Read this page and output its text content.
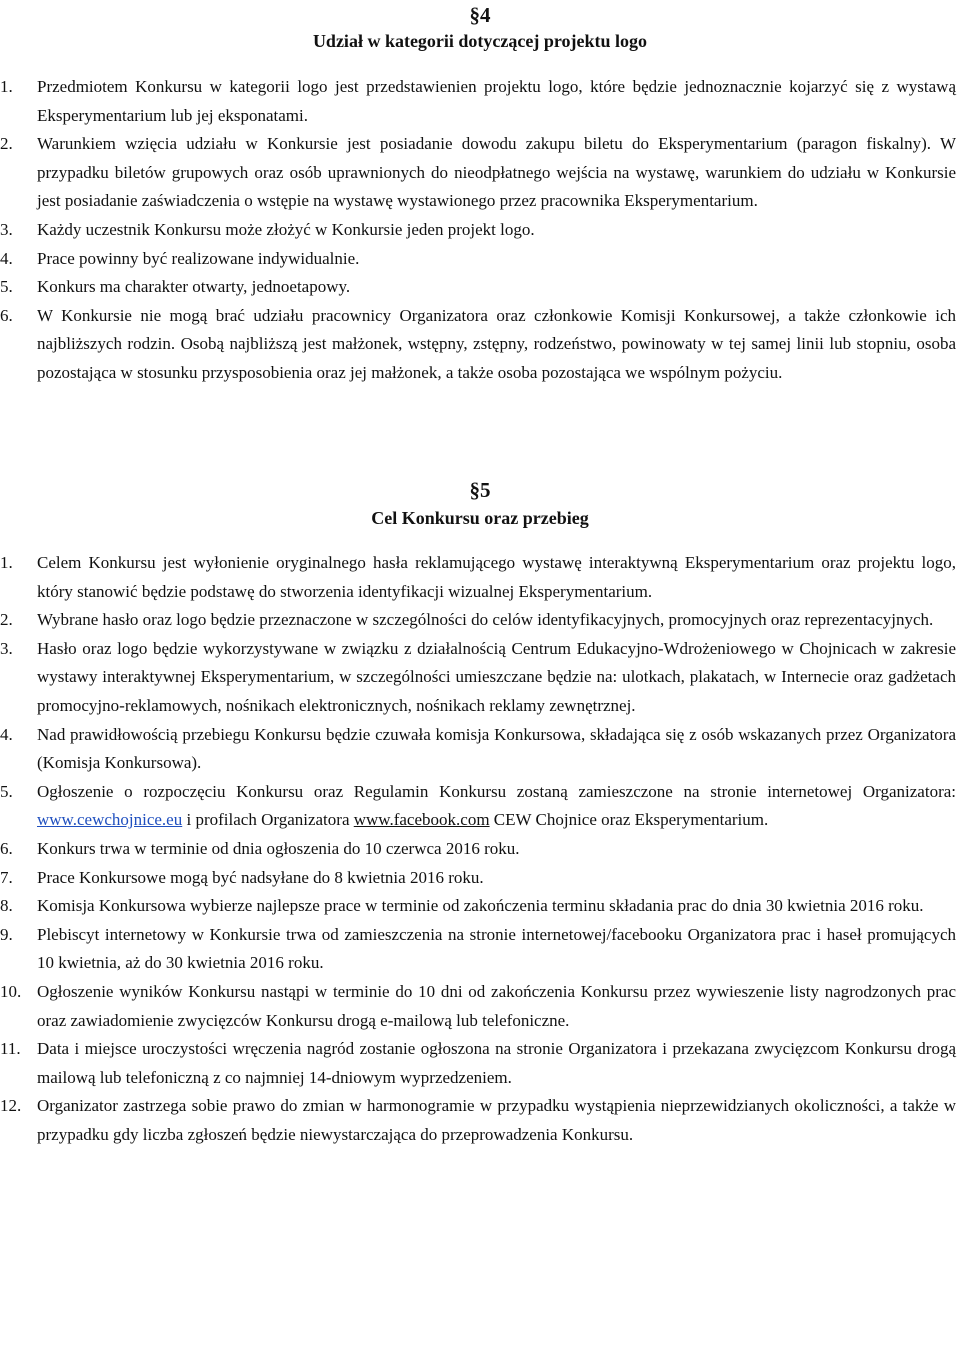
§4
Udział w kategorii dotyczącej projektu logo
1. Przedmiotem Konkursu w kategorii logo jest przedstawienien projektu logo, które będzie jednoznacznie kojarzyć się z wystawą Eksperymentarium lub jej eksponatami.
2. Warunkiem wzięcia udziału w Konkursie jest posiadanie dowodu zakupu biletu do Eksperymentarium (paragon fiskalny). W przypadku biletów grupowych oraz osób uprawnionych do nieodpłatnego wejścia na wystawę, warunkiem do udziału w Konkursie jest posiadanie zaświadczenia o wstępie na wystawę wystawionego przez pracownika Eksperymentarium.
3. Każdy uczestnik Konkursu może złożyć w Konkursie jeden projekt logo.
4. Prace powinny być realizowane indywidualnie.
5. Konkurs ma charakter otwarty, jednoetapowy.
6. W Konkursie nie mogą brać udziału pracownicy Organizatora oraz członkowie Komisji Konkursowej, a także członkowie ich najbliższych rodzin. Osobą najbliższą jest małżonek, wstępny, zstępny, rodzeństwo, powinowaty w tej samej linii lub stopniu, osoba pozostająca w stosunku przysposobienia oraz jej małżonek, a także osoba pozostająca we wspólnym pożyciu.
§5
Cel Konkursu oraz przebieg
1. Celem Konkursu jest wyłonienie oryginalnego hasła reklamującego wystawę interaktywną Eksperymentarium oraz projektu logo, który stanowić będzie podstawę do stworzenia identyfikacji wizualnej Eksperymentarium.
2. Wybrane hasło oraz logo będzie przeznaczone w szczególności do celów identyfikacyjnych, promocyjnych oraz reprezentacyjnych.
3. Hasło oraz logo będzie wykorzystywane w związku z działalnością Centrum Edukacyjno-Wdrożeniowego w Chojnicach w zakresie wystawy interaktywnej Eksperymentarium, w szczególności umieszczane będzie na: ulotkach, plakatach, w Internecie oraz gadżetach promocyjno-reklamowych, nośnikach elektronicznych, nośnikach reklamy zewnętrznej.
4. Nad prawidłowością przebiegu Konkursu będzie czuwała komisja Konkursowa, składająca się z osób wskazanych przez Organizatora (Komisja Konkursowa).
5. Ogłoszenie o rozpoczęciu Konkursu oraz Regulamin Konkursu zostaną zamieszczone na stronie internetowej Organizatora: www.cewchojnice.eu i profilach Organizatora www.facebook.com CEW Chojnice oraz Eksperymentarium.
6. Konkurs trwa w terminie od dnia ogłoszenia do 10 czerwca 2016 roku.
7. Prace Konkursowe mogą być nadsyłane do 8 kwietnia 2016 roku.
8. Komisja Konkursowa wybierze najlepsze prace w terminie od zakończenia terminu składania prac do dnia 30 kwietnia 2016 roku.
9. Plebiscyt internetowy w Konkursie trwa od zamieszczenia na stronie internetowej/facebooku Organizatora prac i haseł promujących 10 kwietnia, aż do 30 kwietnia 2016 roku.
10. Ogłoszenie wyników Konkursu nastąpi w terminie do 10 dni od zakończenia Konkursu przez wywieszenie listy nagrodzonych prac oraz zawiadomienie zwycięzców Konkursu drogą e-mailową lub telefoniczne.
11. Data i miejsce uroczystości wręczenia nagród zostanie ogłoszona na stronie Organizatora i przekazana zwycięzcom Konkursu drogą mailową lub telefoniczną z co najmniej 14-dniowym wyprzedzeniem.
12. Organizator zastrzega sobie prawo do zmian w harmonogramie w przypadku wystąpienia nieprzewidzianych okoliczności, a także w przypadku gdy liczba zgłoszeń będzie niewystarczająca do przeprowadzenia Konkursu.
